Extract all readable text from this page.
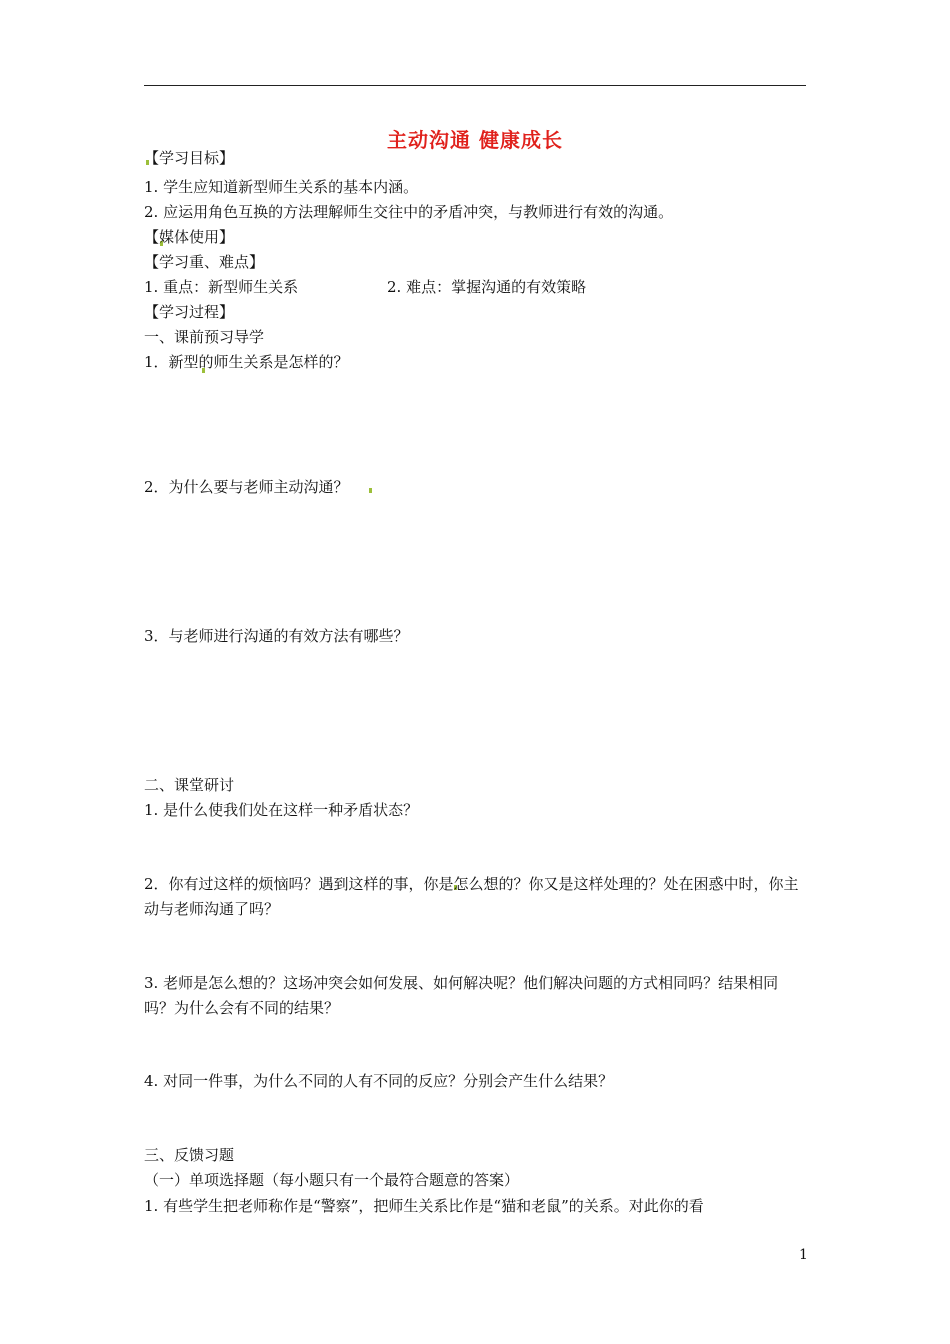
主动沟通 健康成长
【学习目标】
1. 学生应知道新型师生关系的基本内涵。
2. 应运用角色互换的方法理解师生交往中的矛盾冲突，与教师进行有效的沟通。
【媒体使用】
【学习重、难点】
1. 重点：新型师生关系	2. 难点：掌握沟通的有效策略
【学习过程】
一、课前预习导学
1．新型的师生关系是怎样的？
2．为什么要与老师主动沟通？
3．与老师进行沟通的有效方法有哪些？
二、课堂研讨
1. 是什么使我们处在这样一种矛盾状态？
2．你有过这样的烦恼吗？遇到这样的事，你是怎么想的？你又是这样处理的？处在困惑中时，你主动与老师沟通了吗？
3. 老师是怎么想的？这场冲突会如何发展、如何解决呢？他们解决问题的方式相同吗？结果相同吗？为什么会有不同的结果？
4. 对同一件事，为什么不同的人有不同的反应？分别会产生什么结果？
三、反馈习题
（一）单项选择题（每小题只有一个最符合题意的答案）
1. 有些学生把老师称作是“警察”，把师生关系比作是“猫和老鼠”的关系。对此你的看
1
